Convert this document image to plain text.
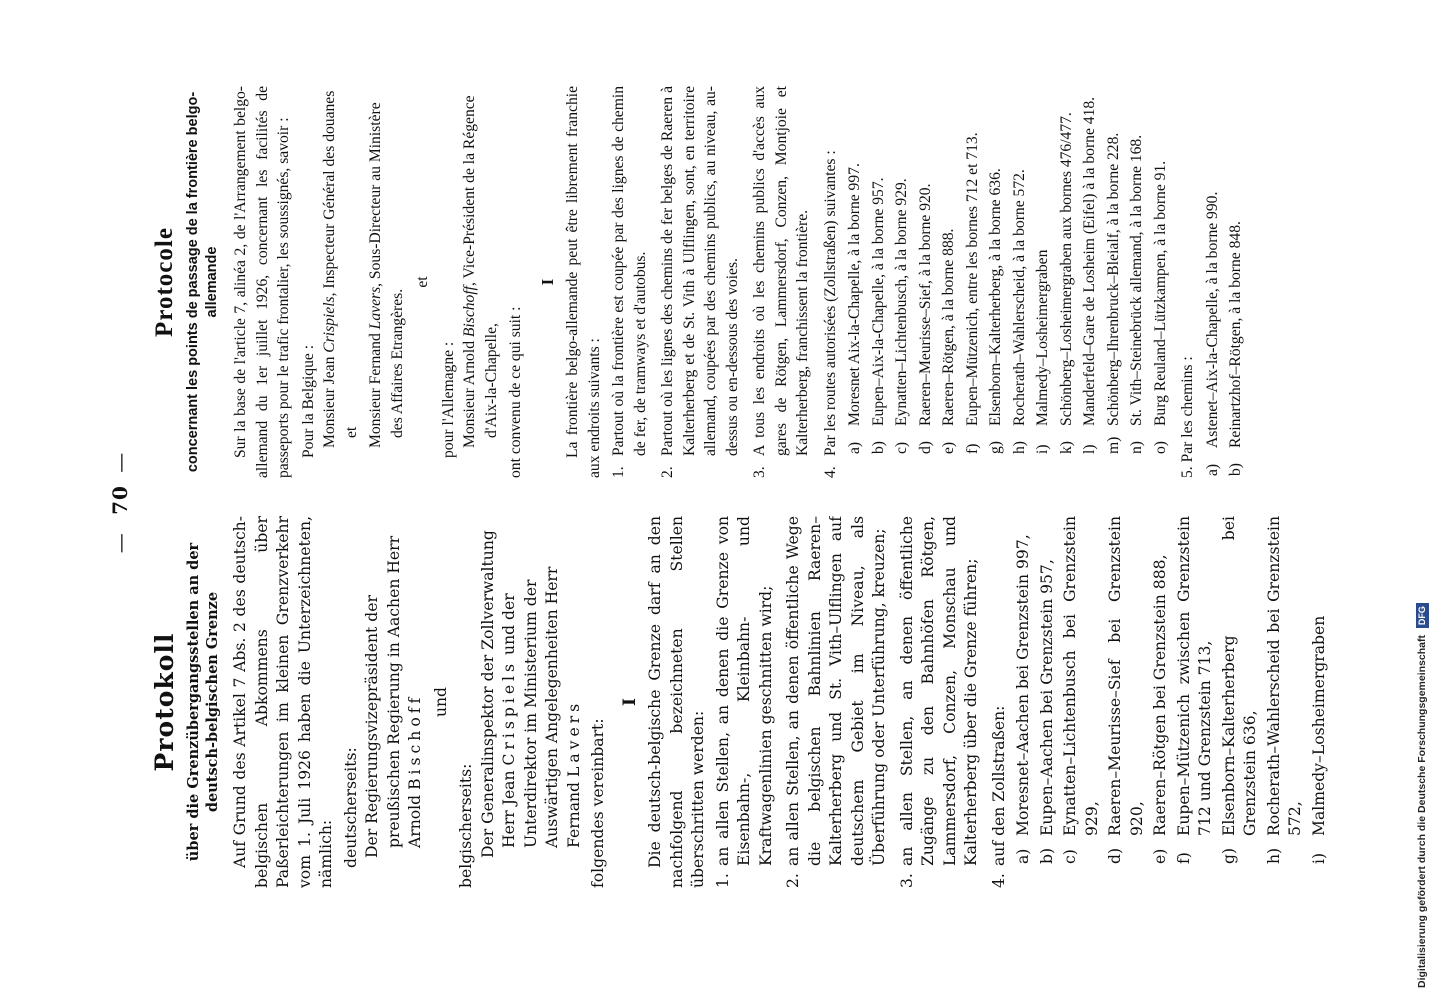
— 70 —
Protokoll über die Grenzübergangsstellen an der deutsch-belgischen Grenze Auf Grund des Artikel 7 Abs. 2 des deutsch-belgischen Abkommens über Paßerleichterungen im kleinen Grenzverkehr vom 1. Juli 1926 haben die Unterzeichneten, nämlich: deutscherseits: Der Regierungsvizepräsident der preußischen Regierung in Aachen Herr Arnold Bischoff und
belgischerseits: Der Generalinspektor der Zollverwaltung Herr Jean Crispiels und der Unterdirektor im Ministerium der Auswärtigen Angelegenheiten Herr Fernand Lavers folgendes vereinbart:
I Die deutsch-belgische Grenze darf an den nachfolgend bezeichneten Stellen überschritten werden: 1.
an allen Stellen, an denen die Grenze von Eisenbahn-, Kleinbahn- und Kraftwagenlinien geschnitten wird;
2.
an allen Stellen, an denen öffentliche Wege die belgischen Bahnlinien Raeren–Kalterherberg und St. Vith–Ulflingen auf deutschem Gebiet im Niveau, als Überführung oder Unterführung, kreuzen;
3.
an allen Stellen, an denen öffentliche Zugänge zu den Bahnhöfen Rötgen, Lammersdorf, Conzen, Monschau und Kalterherberg über die Grenze führen;
4.
auf den Zollstraßen: a)
Moresnet–Aachen bei Grenzstein 997,
b)
Eupen–Aachen bei Grenzstein 957,
c)
Eynatten–Lichtenbusch bei Grenzstein 929,
d)
Raeren–Meurisse–Sief bei Grenzstein 920,
e)
Raeren–Rötgen bei Grenzstein 888,
f)
Eupen–Mützenich zwischen Grenzstein 712 und Grenzstein 713,
g)
Elsenborn–Kalterherberg bei Grenzstein 636,
h)
Rocherath–Wahlerscheid bei Grenzstein 572,
i)
Malmedy–Losheimergraben
Protocole concernant les points de passage de la frontière belgo-allemande Sur la base de l'article 7, alinéa 2, de l'Arrangement belgo-allemand du 1er juillet 1926, concernant les facilités de passeports pour le trafic frontalier, les soussignés, savoir : Pour la Belgique : Monsieur Jean Crispiels, Inspecteur Général des douanes et Monsieur Fernand Lavers, Sous-Directeur au Ministère des Affaires Etrangères.
et
pour l'Allemagne : Monsieur Arnold Bischoff, Vice-Président de la Régence d'Aix-la-Chapelle, ont convenu de ce qui suit :
I La frontière belgo-allemande peut être librement franchie aux endroits suivants : 1.
Partout où la frontière est coupée par des lignes de chemin de fer, de tramways et d'autobus.
2.
Partout où les lignes des chemins de fer belges de Raeren à Kalterherberg et de St. Vith à Ulflingen, sont, en territoire allemand, coupées par des chemins publics, au niveau, au-dessus ou en-dessous des voies.
3.
A tous les endroits où les chemins publics d'accès aux gares de Rötgen, Lammersdorf, Conzen, Montjoie et Kalterherberg, franchissent la frontière.
4.
Par les routes autorisées (Zollstraßen) suivantes : a)
Moresnet Aix-la-Chapelle, à la borne 997.
b)
Eupen–Aix-la-Chapelle, à la borne 957.
c)
Eynatten–Lichtenbusch, à la borne 929.
d)
Raeren–Meurisse–Sief, à la borne 920.
e)
Raeren–Rötgen, à la borne 888.
f)
Eupen–Mützenich, entre les bornes 712 et 713.
g)
Elsenborn–Kalterherberg, à la borne 636.
h)
Rocherath–Wahlerscheid, à la borne 572.
i)
Malmedy–Losheimergraben
k)
Schönberg–Losheimergraben aux bornes 476/477.
l)
Manderfeld–Gare de Losheim (Eifel) à la borne 418.
m)
Schönberg–Ihrenbruck–Bleialf, à la borne 228.
n)
St. Vith–Steinebrück allemand, à la borne 168.
o)
Burg Reuland–Lützkampen, à la borne 91. 5. Par les chemins : a)
Astenet–Aix-la-Chapelle, à la borne 990.
b)
Reinartzhof–Rötgen, à la borne 848.
Digitalisierung gefördert durch die Deutsche Forschungsgemeinschaft DFG
